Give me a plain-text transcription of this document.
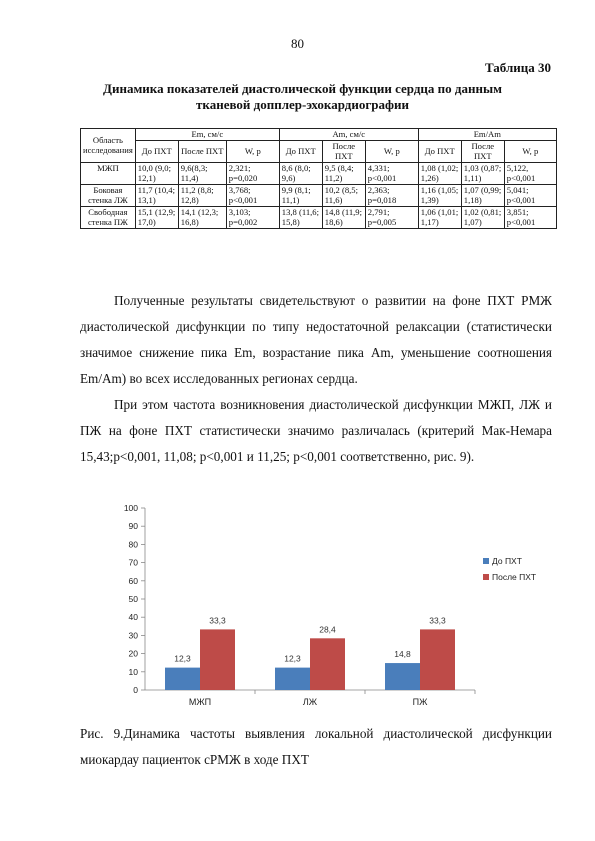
80
Таблица 30
Динамика показателей диастолической функции сердца по данным тканевой допплер-эхокардиографии
Область исследования	Em, см/с			Am, см/с			Em/Am		
	До ПХТ	После ПХТ	W, p	До ПХТ	После ПХТ	W, p	До ПХТ	После ПХТ	W, p
МЖП	10,0 (9,0; 12,1)	9,6(8,3; 11,4)	2,321; p=0,020	8,6 (8,0; 9,6)	9,5 (8,4; 11,2)	4,331; p<0,001	1,08 (1,02; 1,26)	1,03 (0,87; 1,11)	5,122, p<0,001
Боковая стенка ЛЖ	11,7 (10,4; 13,1)	11,2 (8,8; 12,8)	3,768; p<0,001	9,9 (8,1; 11,1)	10,2 (8,5; 11,6)	2,363; p=0,018	1,16 (1,05; 1,39)	1,07 (0,99; 1,18)	5,041; p<0,001
Свободная стенка ПЖ	15,1 (12,9; 17,0)	14,1 (12,3; 16,8)	3,103; p=0,002	13,8 (11,6; 15,8)	14,8 (11,9; 18,6)	2,791; p=0,005	1,06 (1,01; 1,17)	1,02 (0,81; 1,07)	3,851; p<0,001

Полученные результаты свидетельствуют о развитии на фоне ПХТ РМЖ диастолической дисфункции по типу недостаточной релаксации (статистически значимое снижение пика Em, возрастание пика Am, уменьшение соотношения Em/Am) во всех исследованных регионах сердца.

При этом частота возникновения диастолической дисфункции МЖП, ЛЖ и ПЖ на фоне ПХТ статистически значимо различалась (критерий Мак-Немара 15,43;p<0,001, 11,08; p<0,001 и 11,25; p<0,001 соответственно, рис. 9).

0
10
20
30
40
50
60
70
80
90
100
12,3
33,3
МЖП
12,3
28,4
ЛЖ
14,8
33,3
ПЖ
До ПХТ
После ПХТ

Рис. 9.Динамика частоты выявления локальной диастолической дисфункции миокардау пациенток сРМЖ в ходе ПХТ
